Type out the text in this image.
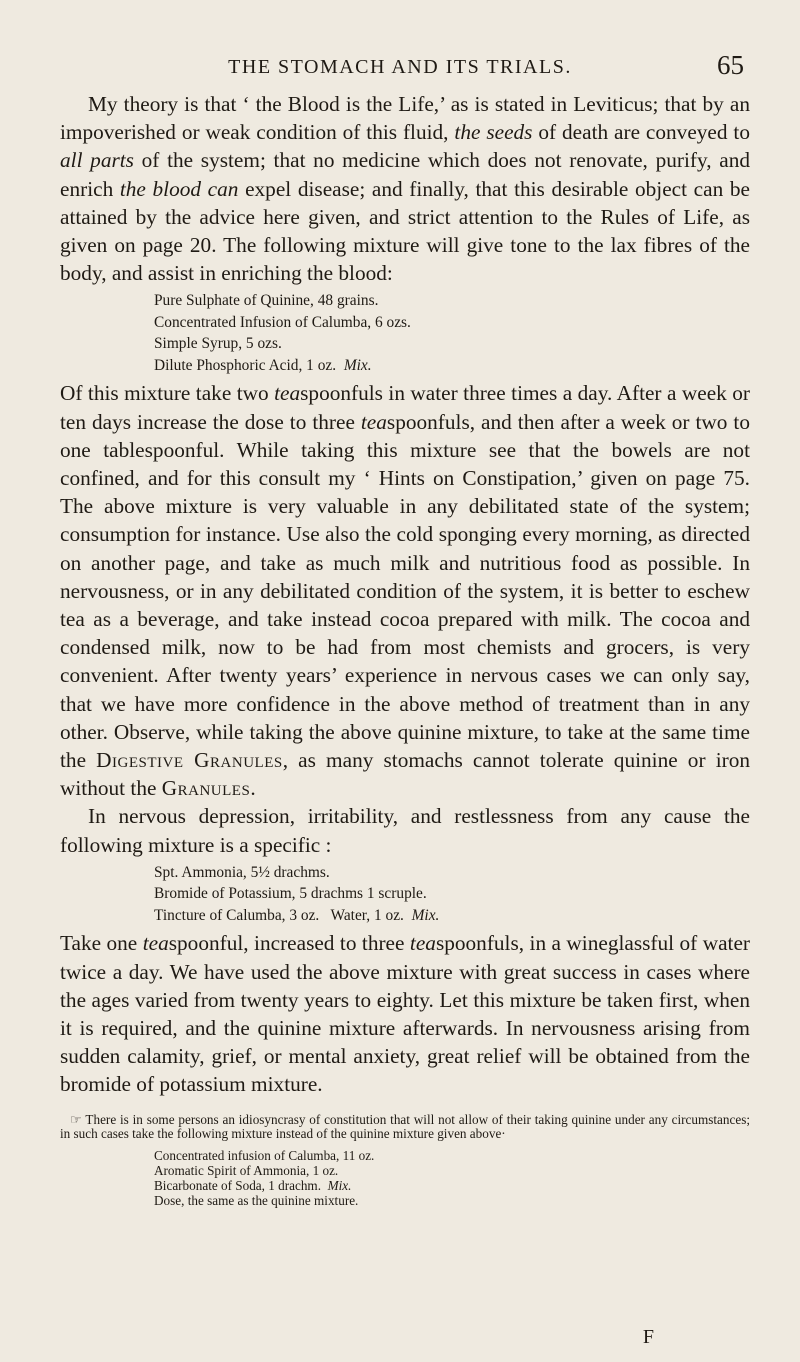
THE STOMACH AND ITS TRIALS.	65

My theory is that ‘ the Blood is the Life,’ as is stated in Leviticus; that by an impoverished or weak condition of this fluid, the seeds of death are conveyed to all parts of the system; that no medicine which does not renovate, purify, and enrich the blood can expel disease; and finally, that this desirable object can be attained by the advice here given, and strict attention to the Rules of Life, as given on page 20. The following mixture will give tone to the lax fibres of the body, and assist in enriching the blood:

Pure Sulphate of Quinine, 48 grains.
Concentrated Infusion of Calumba, 6 ozs.
Simple Syrup, 5 ozs.
Dilute Phosphoric Acid, 1 oz. Mix.

Of this mixture take two teaspoonfuls in water three times a day. After a week or ten days increase the dose to three teaspoonfuls, and then after a week or two to one tablespoonful. While taking this mixture see that the bowels are not confined, and for this consult my ‘ Hints on Constipation,’ given on page 75. The above mixture is very valuable in any debilitated state of the system; consumption for instance. Use also the cold sponging every morning, as directed on another page, and take as much milk and nutritious food as possible. In nervousness, or in any debilitated condition of the system, it is better to eschew tea as a beverage, and take instead cocoa prepared with milk. The cocoa and condensed milk, now to be had from most chemists and grocers, is very convenient. After twenty years’ experience in nervous cases we can only say, that we have more confidence in the above method of treatment than in any other. Observe, while taking the above quinine mixture, to take at the same time the Digestive Granules, as many stomachs cannot tolerate quinine or iron without the Granules.

In nervous depression, irritability, and restlessness from any cause the following mixture is a specific :

Spt. Ammonia, 5½ drachms.
Bromide of Potassium, 5 drachms 1 scruple.
Tincture of Calumba, 3 oz.   Water, 1 oz. Mix.

Take one teaspoonful, increased to three teaspoonfuls, in a wineglassful of water twice a day. We have used the above mixture with great success in cases where the ages varied from twenty years to eighty. Let this mixture be taken first, when it is required, and the quinine mixture afterwards. In nervousness arising from sudden calamity, grief, or mental anxiety, great relief will be obtained from the bromide of potassium mixture.

☞ There is in some persons an idiosyncrasy of constitution that will not allow of their taking quinine under any circumstances; in such cases take the following mixture instead of the quinine mixture given above·
Concentrated infusion of Calumba, 11 oz.
Aromatic Spirit of Ammonia, 1 oz.
Bicarbonate of Soda, 1 drachm. Mix.
Dose, the same as the quinine mixture.
F
